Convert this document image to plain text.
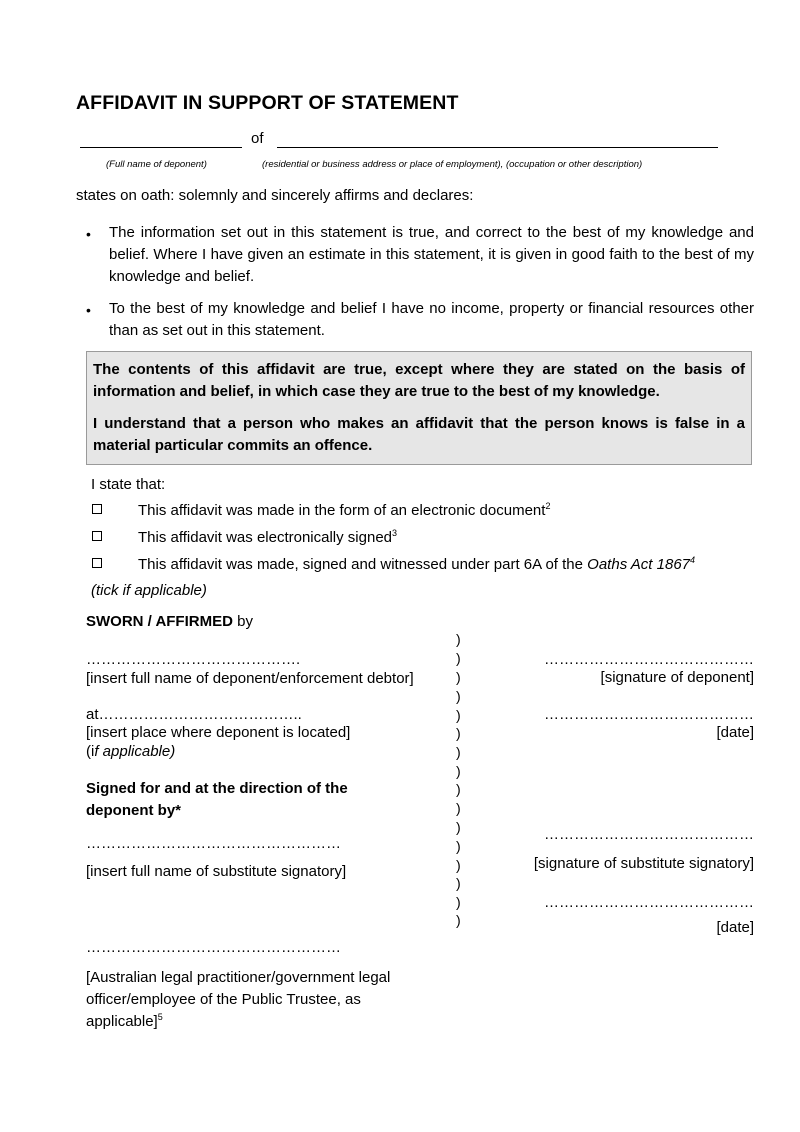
AFFIDAVIT IN SUPPORT OF STATEMENT
of
(Full name of deponent)	(residential or business address or place of employment), (occupation or other description)
states on oath: solemnly and sincerely affirms and declares:
• The information set out in this statement is true, and correct to the best of my knowledge and belief. Where I have given an estimate in this statement, it is given in good faith to the best of my knowledge and belief.
• To the best of my knowledge and belief I have no income, property or financial resources other than as set out in this statement.

The contents of this affidavit are true, except where they are stated on the basis of information and belief, in which case they are true to the best of my knowledge.

I understand that a person who makes an affidavit that the person knows is false in a material particular commits an offence.

I state that:
This affidavit was made in the form of an electronic document$^2$
This affidavit was electronically signed$^3$
This affidavit was made, signed and witnessed under part 6A of the Oaths Act 1867$^4$
(tick if applicable)
SWORN / AFFIRMED by
…………………………………….
[insert full name of deponent/enforcement debtor]
at…………………………………..
[insert place where deponent is located]
(if applicable)
Signed for and at the direction of the deponent by*
……………………………………………
[insert full name of substitute signatory]
……………………………………………
[Australian legal practitioner/government legal officer/employee of the Public Trustee, as applicable]$^5$
)
)
)
)
)
)
)
)
)
)
)
)
)
)
)
)
……………………………………
[signature of deponent]
……………………………………
[date]
……………………………………
[signature of substitute signatory]
……………………………………
[date]
